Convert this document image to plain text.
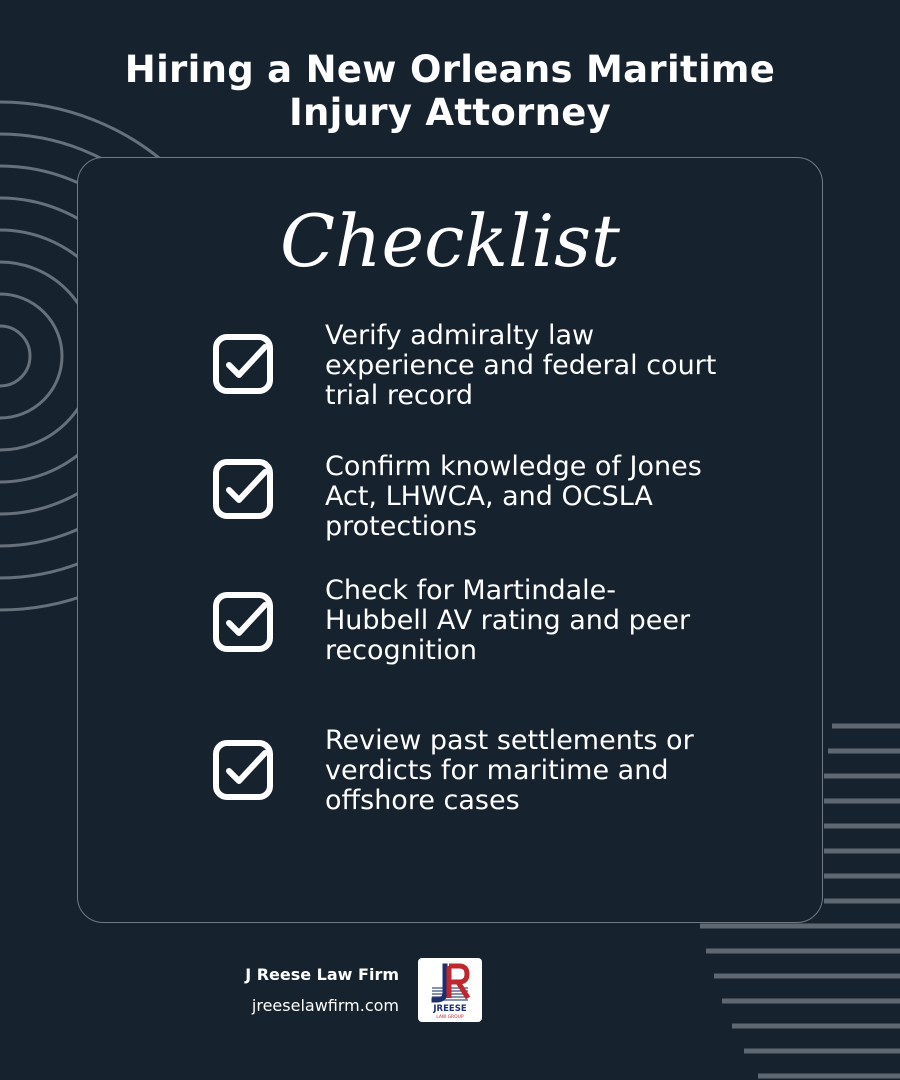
Hiring a New Orleans Maritime
Injury Attorney
Checklist
Verify admiralty law
experience and federal court
trial record
Confirm knowledge of Jones
Act, LHWCA, and OCSLA
protections
Check for Martindale-
Hubbell AV rating and peer
recognition
Review past settlements or
verdicts for maritime and
offshore cases
J Reese Law Firm
jreeselawfirm.com	JREESE
LAW GROUP
